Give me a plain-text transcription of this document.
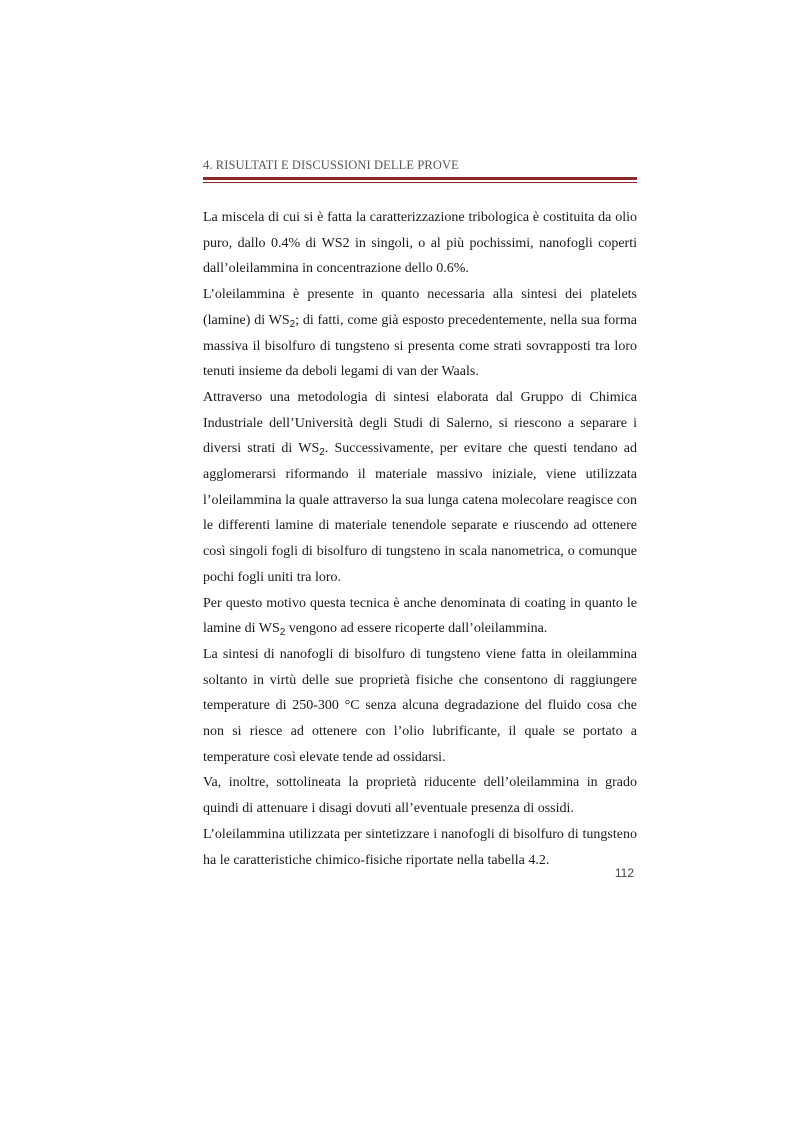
4. RISULTATI E DISCUSSIONI DELLE PROVE

La miscela di cui si è fatta la caratterizzazione tribologica è costituita da olio puro, dallo 0.4% di WS2 in singoli, o al più pochissimi, nanofogli coperti dall’oleilammina in concentrazione dello 0.6%.

L’oleilammina è presente in quanto necessaria alla sintesi dei platelets (lamine) di $WS_2$; di fatti, come già esposto precedentemente, nella sua forma massiva il bisolfuro di tungsteno si presenta come strati sovrapposti tra loro tenuti insieme da deboli legami di van der Waals.

Attraverso una metodologia di sintesi elaborata dal Gruppo di Chimica Industriale dell’Università degli Studi di Salerno, si riescono a separare i diversi strati di $WS_2$. Successivamente, per evitare che questi tendano ad agglomerarsi riformando il materiale massivo iniziale, viene utilizzata l’oleilammina la quale attraverso la sua lunga catena molecolare reagisce con le differenti lamine di materiale tenendole separate e riuscendo ad ottenere così singoli fogli di bisolfuro di tungsteno in scala nanometrica, o comunque pochi fogli uniti tra loro.

Per questo motivo questa tecnica è anche denominata di coating in quanto le lamine di $WS_2$ vengono ad essere ricoperte dall’oleilammina.

La sintesi di nanofogli di bisolfuro di tungsteno viene fatta in oleilammina soltanto in virtù delle sue proprietà fisiche che consentono di raggiungere temperature di 250-300 °C senza alcuna degradazione del fluido cosa che non si riesce ad ottenere con l’olio lubrificante, il quale se portato a temperature così elevate tende ad ossidarsi.

Va, inoltre, sottolineata la proprietà riducente dell’oleilammina in grado quindi di attenuare i disagi dovuti all’eventuale presenza di ossidi.

L’oleilammina utilizzata per sintetizzare i nanofogli di bisolfuro di tungsteno ha le caratteristiche chimico-fisiche riportate nella tabella 4.2.

112
